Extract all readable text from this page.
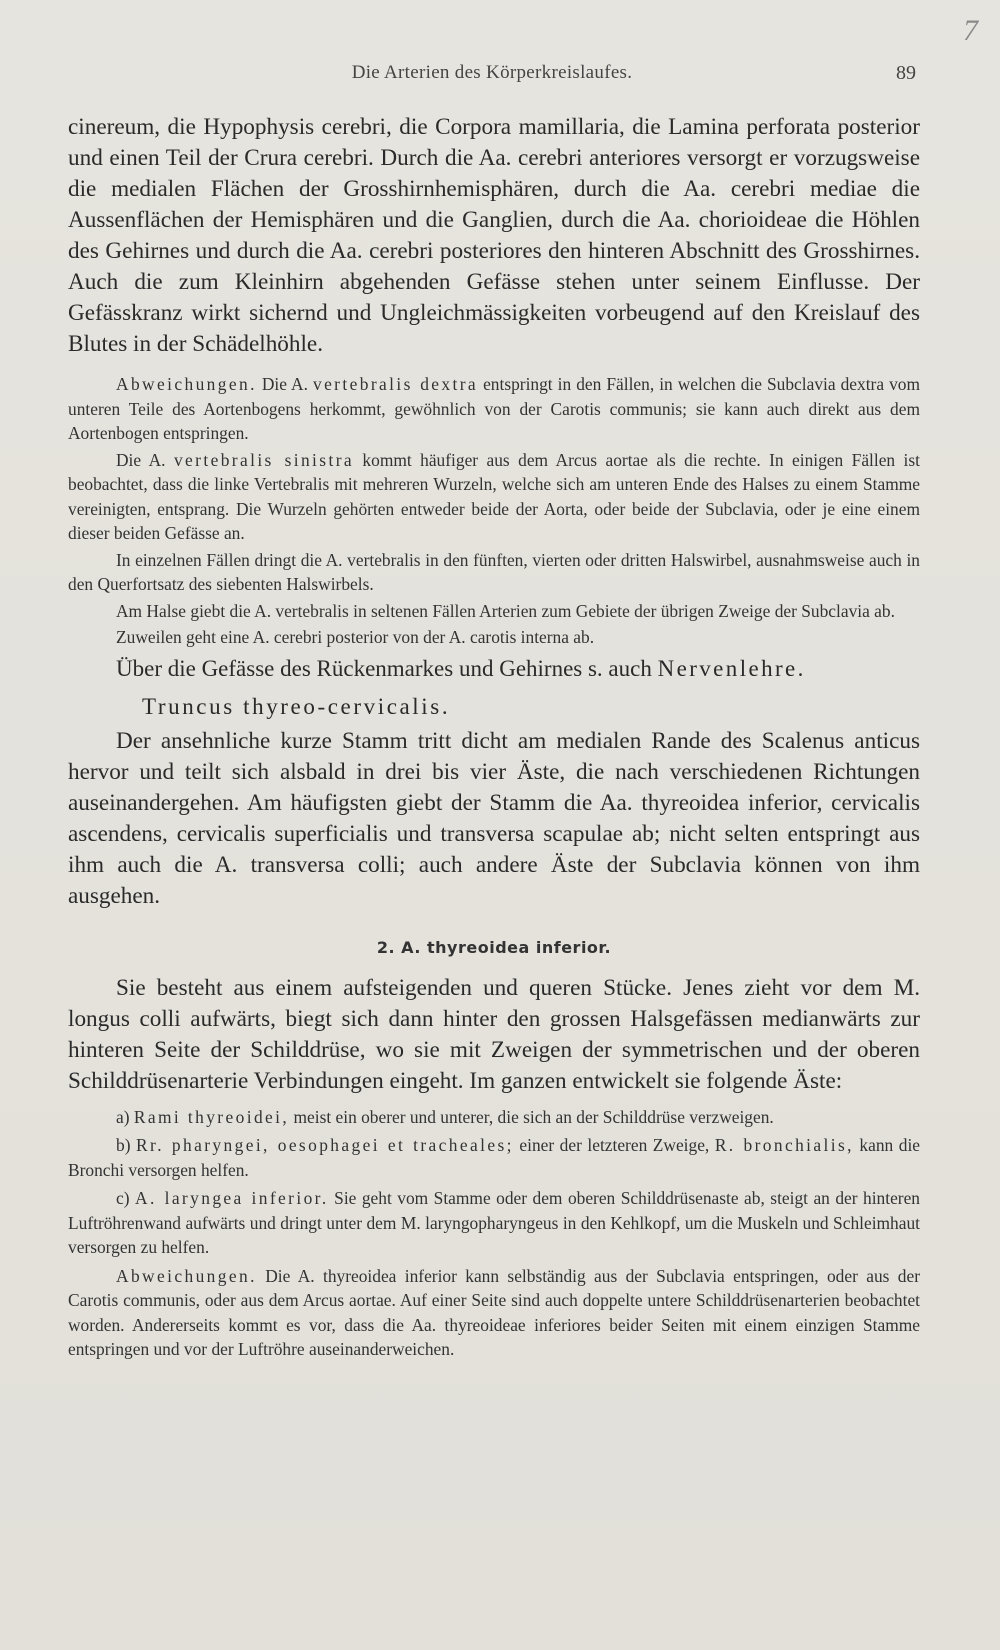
7
Die Arterien des Körperkreislaufes.	89

cinereum, die Hypophysis cerebri, die Corpora mamillaria, die Lamina perforata posterior und einen Teil der Crura cerebri. Durch die Aa. cerebri anteriores versorgt er vorzugsweise die medialen Flächen der Grosshirnhemisphären, durch die Aa. cerebri mediae die Aussenflächen der Hemisphären und die Ganglien, durch die Aa. chorioideae die Höhlen des Gehirnes und durch die Aa. cerebri posteriores den hinteren Abschnitt des Grosshirnes. Auch die zum Kleinhirn abgehenden Gefässe stehen unter seinem Einflusse. Der Gefässkranz wirkt sichernd und Ungleichmässigkeiten vorbeugend auf den Kreislauf des Blutes in der Schädelhöhle.

Abweichungen. Die A. vertebralis dextra entspringt in den Fällen, in welchen die Subclavia dextra vom unteren Teile des Aortenbogens herkommt, gewöhnlich von der Carotis communis; sie kann auch direkt aus dem Aortenbogen entspringen.

Die A. vertebralis sinistra kommt häufiger aus dem Arcus aortae als die rechte. In einigen Fällen ist beobachtet, dass die linke Vertebralis mit mehreren Wurzeln, welche sich am unteren Ende des Halses zu einem Stamme vereinigten, entsprang. Die Wurzeln gehörten entweder beide der Aorta, oder beide der Subclavia, oder je eine einem dieser beiden Gefässe an.

In einzelnen Fällen dringt die A. vertebralis in den fünften, vierten oder dritten Halswirbel, ausnahmsweise auch in den Querfortsatz des siebenten Halswirbels.

Am Halse giebt die A. vertebralis in seltenen Fällen Arterien zum Gebiete der übrigen Zweige der Subclavia ab.

Zuweilen geht eine A. cerebri posterior von der A. carotis interna ab.

Über die Gefässe des Rückenmarkes und Gehirnes s. auch Nervenlehre.

Truncus thyreo-cervicalis.

Der ansehnliche kurze Stamm tritt dicht am medialen Rande des Scalenus anticus hervor und teilt sich alsbald in drei bis vier Äste, die nach verschiedenen Richtungen auseinandergehen. Am häufigsten giebt der Stamm die Aa. thyreoidea inferior, cervicalis ascendens, cervicalis superficialis und transversa scapulae ab; nicht selten entspringt aus ihm auch die A. transversa colli; auch andere Äste der Subclavia können von ihm ausgehen.

2. A. thyreoidea inferior.

Sie besteht aus einem aufsteigenden und queren Stücke. Jenes zieht vor dem M. longus colli aufwärts, biegt sich dann hinter den grossen Halsgefässen medianwärts zur hinteren Seite der Schilddrüse, wo sie mit Zweigen der symmetrischen und der oberen Schilddrüsenarterie Verbindungen eingeht. Im ganzen entwickelt sie folgende Äste:

a) Rami thyreoidei, meist ein oberer und unterer, die sich an der Schilddrüse verzweigen.

b) Rr. pharyngei, oesophagei et tracheales; einer der letzteren Zweige, R. bronchialis, kann die Bronchi versorgen helfen.

c) A. laryngea inferior. Sie geht vom Stamme oder dem oberen Schilddrüsenaste ab, steigt an der hinteren Luftröhrenwand aufwärts und dringt unter dem M. laryngopharyngeus in den Kehlkopf, um die Muskeln und Schleimhaut versorgen zu helfen.

Abweichungen. Die A. thyreoidea inferior kann selbständig aus der Subclavia entspringen, oder aus der Carotis communis, oder aus dem Arcus aortae. Auf einer Seite sind auch doppelte untere Schilddrüsenarterien beobachtet worden. Andererseits kommt es vor, dass die Aa. thyreoideae inferiores beider Seiten mit einem einzigen Stamme entspringen und vor der Luftröhre auseinanderweichen.
